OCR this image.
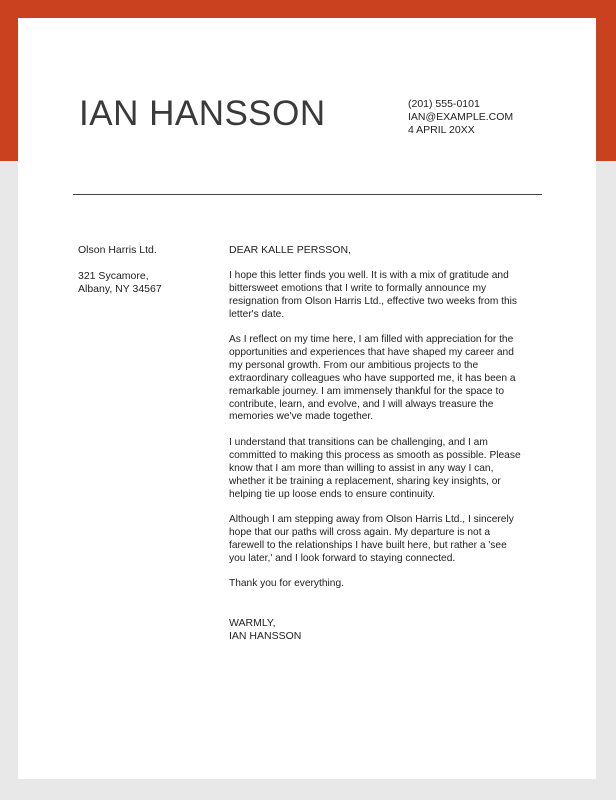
IAN HANSSON	(201) 555-0101
IAN@EXAMPLE.COM
4 APRIL 20XX
Olson Harris Ltd.
321 Sycamore,
Albany, NY 34567
DEAR KALLE PERSSON,

I hope this letter finds you well. It is with a mix of gratitude and bittersweet emotions that I write to formally announce my resignation from Olson Harris Ltd., effective two weeks from this letter's date.

As I reflect on my time here, I am filled with appreciation for the opportunities and experiences that have shaped my career and my personal growth. From our ambitious projects to the extraordinary colleagues who have supported me, it has been a remarkable journey. I am immensely thankful for the space to contribute, learn, and evolve, and I will always treasure the memories we've made together.

I understand that transitions can be challenging, and I am committed to making this process as smooth as possible. Please know that I am more than willing to assist in any way I can, whether it be training a replacement, sharing key insights, or helping tie up loose ends to ensure continuity.

Although I am stepping away from Olson Harris Ltd., I sincerely hope that our paths will cross again. My departure is not a farewell to the relationships I have built here, but rather a 'see you later,' and I look forward to staying connected.

Thank you for everything.

WARMLY,
IAN HANSSON
